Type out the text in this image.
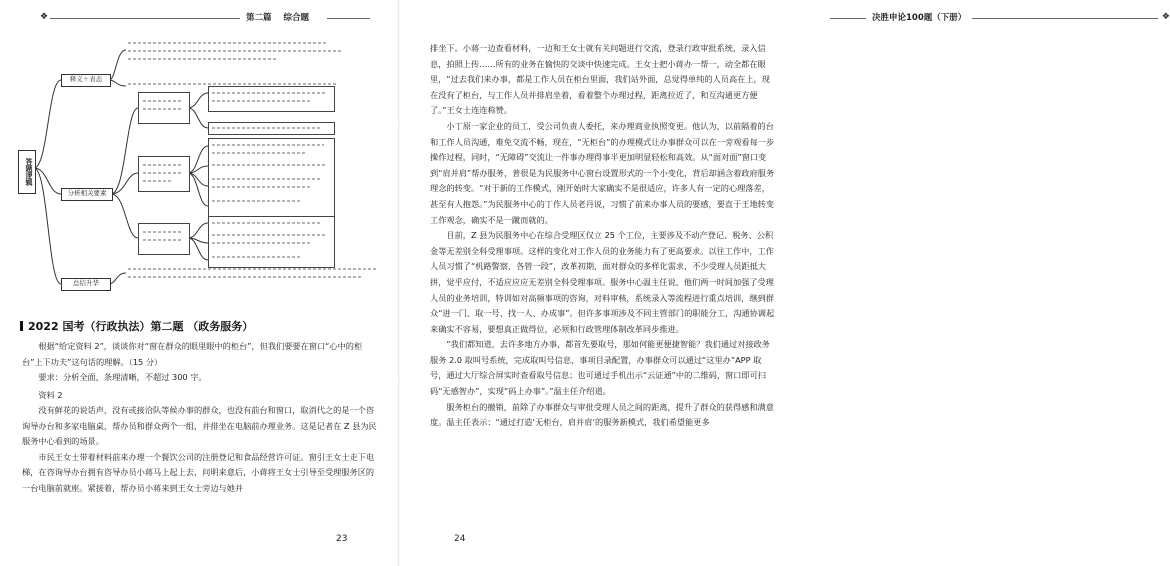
❖	第二篇 综合题
答题逻辑
释义＋表态
分析相关要素
总结升华
2022 国考（行政执法）第二题 （政务服务）

根据“给定资料 2”，谈谈你对“窗在群众的眼里眼中的柜台”，但我们要要在窗口“心中的柜台”上下功夫”这句话的理解。（15 分）

要求：分析全面，条理清晰，不超过 300 字。

资料 2

没有鲜花的说话声，没有或接洽队等候办事的群众，也没有前台和窗口，取消代之的是一个咨询导办台和多家电脑桌，帮办员和群众两个一组，并排坐在电脑前办理业务。这是记者在 Z 县为民服务中心看到的场景。

市民王女士带着材料前来办理一个餐饮公司的注册登记和食品经营许可证。窗引王女士走下电梯，在咨询导办台拥有咨导办员小蒋马上起上去，问明来意后，小蒋将王女士引导至受理服务区的一台电脑前就座。紧接着，帮办员小蒋来到王女士旁边与她并

23
决胜申论100题（下册）	❖
24

排坐下。小蒋一边查看材料，一边和王女士就有关问题进行交流，登录行政审批系统，录入信息，拍照上传……所有的业务在愉快的交谈中快速完成。王女士把小蒋办一帮一，动全都在眼里，“过去我们来办事，都是工作人员在柜台里面，我们站外面，总觉得单纯的人员高在上，现在没有了柜台，与工作人员并排肩坐着，看着整个办理过程，距离拉近了，和互沟通更方便了。”王女士连连称赞。

小丁原一家企业的员工，受公司负责人委托，来办理商业执照变更。他认为，以前隔着的台和工作人员沟通，难免交流不畅，现在，“无柜台”的办理模式让办事群众可以在一旁观看每一步操作过程，同时，“无障碍”交流让一件事办理得事半更加明显轻松和高效。从“面对面”窗口变到“肩并肩”帮办服务，普很是为民服务中心窗台设置形式的一个小变化，背后却涵含着政府服务理念的转变。“对于新的工作模式，刚开始时大家确实不是很适应，许多人有一定的心理落差，甚至有人抱怨。”为民服务中心的丁作人员老丹说，习惯了前来办事人员的要感，要直于王地转变工作观念，确实不是一蹴而就的。

目前，Z 县为民服务中心在综合受理区仅立 25 个工位，主要涉及不动产登记、税务、公积金等无差别全科受理事项。这样的变化对工作人员的业务能力有了更高要求。以往工作中，工作人员习惯了“机路警察，各管一段”，改革初期，面对群众的多样化需求，不少受理人员距抵大拼，觉乎应付，不适应应应无差别全科受理事项。服务中心温主任说，他们两一时间加强了受理人员的业务培训，特训如对高频事项的咨询，对料审核，系统录入等流程进行重点培训，继到群众“进一门、取一号、找一人、办成事”。但许多事项涉及不同主管部门的职能分工，沟通协调起来确实不容易，要想真正做得位，必须和行政管理体制改革同步推进。

“我们都知道，去许多地方办事，都首先要取号，那如何能更便捷智能？我们通过对接政务服务 2.0 取叫号系统，完成取叫号信息，事项目录配置，办事群众可以通过“这里办”APP 取号，通过大厅综合屏实时查看取号信息；也可通过手机出示“云证通”中的二维码，窗口即可扫码“无感智办”，实现“码上办事”。”温主任介绍道。

服务柜台的撤销，前除了办事群众与审批受理人员之间的距离，提升了群众的获得感和满意度。温主任表示：“通过打造‘无柜台，肩并肩’的服务新模式，我们希望能更多
